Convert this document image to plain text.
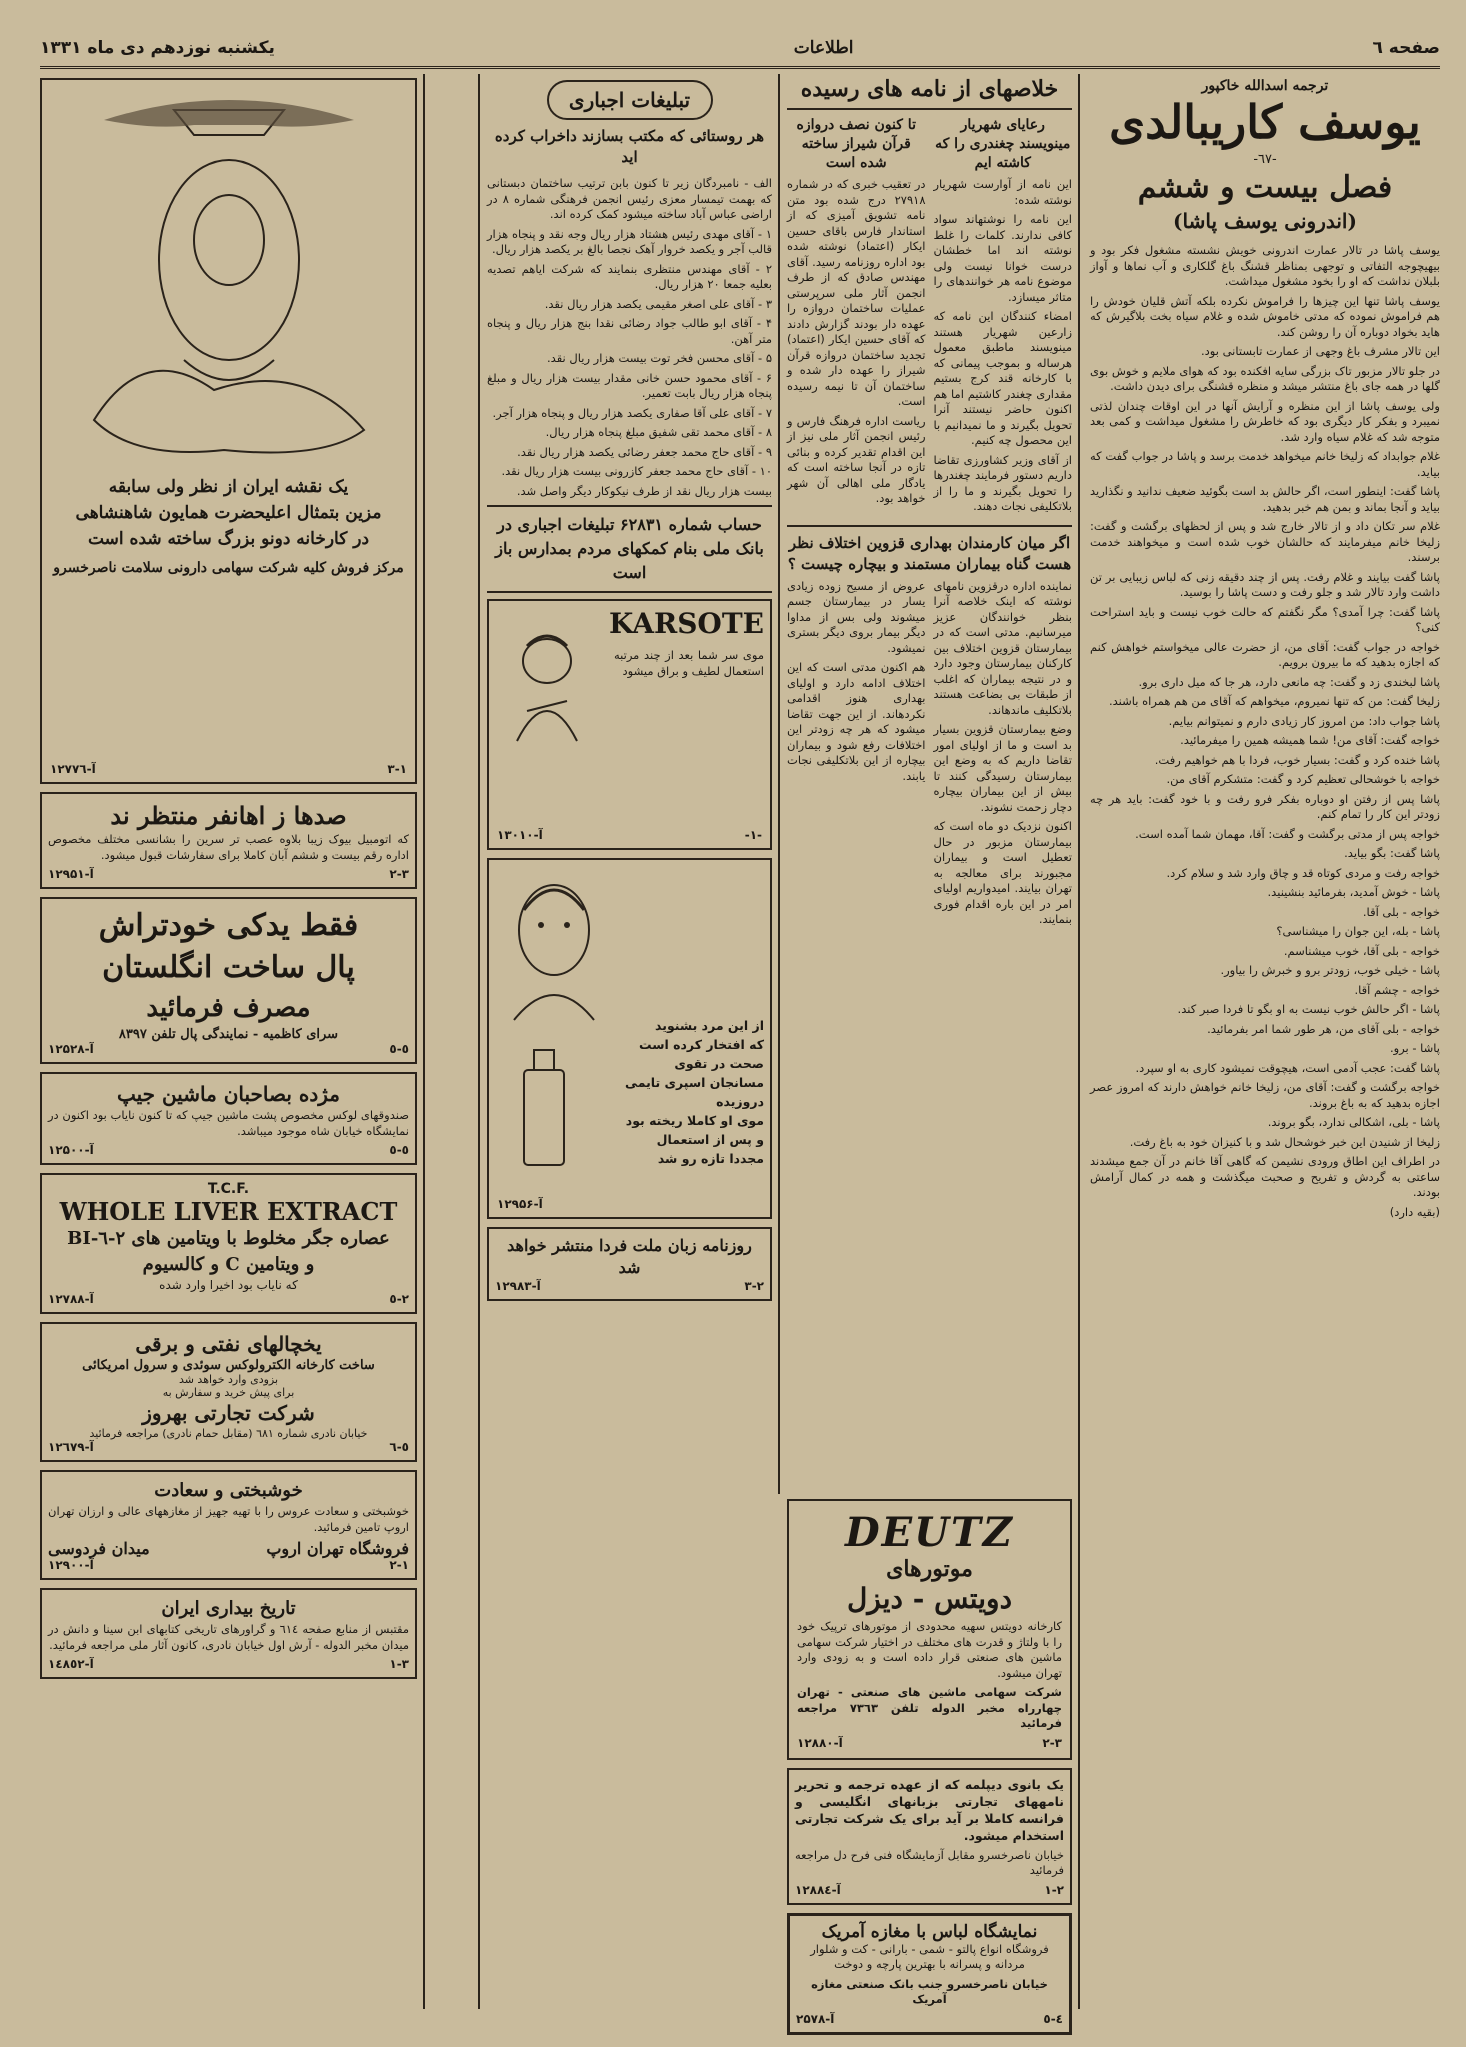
صفحه ٦
اطلاعات
یکشنبه نوزدهم دی ماه ۱۳۳۱
ترجمه اسدالله خاکپور
یوسف کاریبالدی
-٦٧-
فصل بیست و ششم
(اندرونی یوسف پاشا)

یوسف پاشا در تالار عمارت اندرونی خویش نشسته مشغول فکر بود و بیهیچوجه التفاتی و توجهی بمناظر قشنگ باغ گلکاری و آب نماها و آواز بلبلان نداشت که او را بخود مشغول میداشت.

یوسف پاشا تنها این چیزها را فراموش نکرده بلکه آتش قلیان خودش را هم فراموش نموده که مدتی خاموش شده و غلام سیاه بخت بلاگیرش که هاید بخواد دوباره آن را روشن کند.

این تالار مشرف باغ وجهی از عمارت تابستانی بود.

در جلو تالار مزبور تاک بزرگی سایه افکنده بود که هوای ملایم و خوش بوی گلها در همه جای باغ منتشر میشد و منظره قشنگی برای دیدن داشت.

ولی یوسف پاشا از این منظره و آرایش آنها در این اوقات چندان لذتی نمیبرد و بفکر کار دیگری بود که خاطرش را مشغول میداشت و کمی بعد متوجه شد که غلام سیاه وارد شد.

غلام جوابداد که زلیخا خانم میخواهد خدمت برسد و پاشا در جواب گفت که بیاید.

پاشا گفت: اینطور است، اگر حالش بد است بگوئید ضعیف ندانید و نگذارید بیاید و آنجا بماند و بمن هم خبر بدهید.

غلام سر تکان داد و از تالار خارج شد و پس از لحظهای برگشت و گفت: زلیخا خانم میفرمایند که حالشان خوب شده است و میخواهند خدمت برسند.

پاشا گفت بیایند و غلام رفت. پس از چند دقیقه زنی که لباس زیبایی بر تن داشت وارد تالار شد و جلو رفت و دست پاشا را بوسید.

پاشا گفت: چرا آمدی؟ مگر نگفتم که حالت خوب نیست و باید استراحت کنی؟

خواجه در جواب گفت: آقای من، از حضرت عالی میخواستم خواهش کنم که اجازه بدهید که ما بیرون برویم.

پاشا لبخندی زد و گفت: چه مانعی دارد، هر جا که میل داری برو.

زلیخا گفت: من که تنها نمیروم، میخواهم که آقای من هم همراه باشند.

پاشا جواب داد: من امروز کار زیادی دارم و نمیتوانم بیایم.

خواجه گفت: آقای من! شما همیشه همین را میفرمائید.

پاشا خنده کرد و گفت: بسیار خوب، فردا با هم خواهیم رفت.

خواجه با خوشحالی تعظیم کرد و گفت: متشکرم آقای من.

پاشا پس از رفتن او دوباره بفکر فرو رفت و با خود گفت: باید هر چه زودتر این کار را تمام کنم.

خواجه پس از مدتی برگشت و گفت: آقا، مهمان شما آمده است.

پاشا گفت: بگو بیاید.

خواجه رفت و مردی کوتاه قد و چاق وارد شد و سلام کرد.

پاشا - خوش آمدید، بفرمائید بنشینید.

خواجه - بلی آقا.

پاشا - بله، این جوان را میشناسی؟

خواجه - بلی آقا، خوب میشناسم.

پاشا - خیلی خوب، زودتر برو و خبرش را بیاور.

خواجه - چشم آقا.

پاشا - اگر حالش خوب نیست به او بگو تا فردا صبر کند.

خواجه - بلی آقای من، هر طور شما امر بفرمائید.

پاشا - برو.

پاشا گفت: عجب آدمی است، هیچوقت نمیشود کاری به او سپرد.

خواجه برگشت و گفت: آقای من، زلیخا خانم خواهش دارند که امروز عصر اجازه بدهید که به باغ بروند.

پاشا - بلی، اشکالی ندارد، بگو بروند.

زلیخا از شنیدن این خبر خوشحال شد و با کنیزان خود به باغ رفت.

در اطراف این اطاق ورودی نشیمن که گاهی آقا خانم در آن جمع میشدند ساعتی به گردش و تفریح و صحبت میگذشت و همه در کمال آرامش بودند.

(بقیه دارد)

خلاصهای از نامه های رسیده
رعایای شهریار مینویسند چغندری را که کاشته ایم

این نامه از آوارست شهریار نوشته شده:

این نامه را نوشتهاند سواد کافی ندارند. کلمات را غلط نوشته اند اما خطشان درست خوانا نیست ولی موضوع نامه هر خوانندهای را متاثر میسازد.

امضاء کنندگان این نامه که زارعین شهریار هستند مینویسند ماطبق معمول هرساله و بموجب پیمانی که با کارخانه قند کرج بستیم مقداری چغندر کاشتیم اما هم اکنون حاضر نیستند آنرا تحویل بگیرند و ما نمیدانیم با این محصول چه کنیم.

از آقای وزیر کشاورزی تقاضا داریم دستور فرمایند چغندرها را تحویل بگیرند و ما را از بلاتکلیفی نجات دهند.

تا کنون نصف دروازه قرآن شیراز ساخته شده است

در تعقیب خبری که در شماره ۲۷۹۱۸ درج شده بود متن نامه تشویق آمیزی که از استاندار فارس باقای حسین ایکار (اعتماد) نوشته شده بود اداره روزنامه رسید. آقای مهندس صادق که از طرف انجمن آثار ملی سرپرستی عملیات ساختمان دروازه را عهده دار بودند گزارش دادند که آقای حسین ایکار (اعتماد) تجدید ساختمان دروازه قرآن شیراز را عهده دار شده و ساختمان آن تا نیمه رسیده است.

ریاست اداره فرهنگ فارس و رئیس انجمن آثار ملی نیز از این اقدام تقدیر کرده و بنائی تازه در آنجا ساخته است که یادگار ملی اهالی آن شهر خواهد بود.

اگر میان کارمندان بهداری قزوین اختلاف نظر هست گناه بیماران مستمند و بیچاره چیست ؟

نماینده اداره درقزوین نامهای نوشته که اینک خلاصه آنرا بنظر خوانندگان عزیز میرسانیم. مدتی است که در بیمارستان قزوین اختلاف بین کارکنان بیمارستان وجود دارد و در نتیجه بیماران که اغلب از طبقات بی بضاعت هستند بلاتکلیف ماندهاند.

وضع بیمارستان قزوین بسیار بد است و ما از اولیای امور تقاضا داریم که به وضع این بیمارستان رسیدگی کنند تا بیش از این بیماران بیچاره دچار زحمت نشوند.

اکنون نزدیک دو ماه است که بیمارستان مزبور در حال تعطیل است و بیماران مجبورند برای معالجه به تهران بیایند. امیدواریم اولیای امر در این باره اقدام فوری بنمایند.

عروض از مسیح زوده زیادی یسار در بیمارستان جسم میشوند ولی بس از مداوا دیگر بیمار بروی دیگر بستری نمیشود.

هم اکنون مدتی است که این اختلاف ادامه دارد و اولیای بهداری هنوز اقدامی نکردهاند. از این جهت تقاضا میشود که هر چه زودتر این اختلافات رفع شود و بیماران بیچاره از این بلاتکلیفی نجات یابند.

DEUTZ
موتورهای
دویتس - دیزل

کارخانه دویتس سهیه محدودی از موتورهای ترپیک خود را با ولتاژ و قدرت های مختلف در اختیار شرکت سهامی ماشین های صنعتی قرار داده است و به زودی وارد تهران میشود.

شرکت سهامی ماشین های صنعتی - تهران چهارراه مخبر الدوله تلفن ۷۳٦۳ مراجعه فرمائید

آ-۱۲۸۸۰	٣-٢

یک بانوی دیپلمه که از عهده ترجمه و تحریر نامههای تجارتی بزبانهای انگلیسی و فرانسه کاملا بر آید برای یک شرکت تجارتی استخدام میشود.

خیابان ناصرخسرو مقابل آزمایشگاه فنی فرح دل مراجعه فرمائید

آ-۱۲۸٨٤	٢-١
نمایشگاه لباس با مغازه آمریک

فروشگاه انواع پالتو - شمی - بارانی - کت و شلوار مردانه و پسرانه با بهترین پارچه و دوخت

خیابان ناصرخسرو جنب بانک صنعتی مغازه آمریک

آ-۲۵٧٨	٤-٥
تبلیغات اجباری
هر روستائی که مکتب بسازند داخراب کرده اید

الف - نامبردگان زیر تا کنون بابن ترتیب ساختمان دبستانی که بهمت تیمسار معزی رئیس انجمن فرهنگی شماره ۸ در اراضی عباس آباد ساخته میشود کمک کرده اند.

۱ - آقای مهدی رئیس هشتاد هزار ریال وجه نقد و پنجاه هزار قالب آجر و یکصد خروار آهک نجصا بالغ بر یکصد هزار ریال.

۲ - آقای مهندس منتظری بنمایند که شرکت ایاهم تصدیه بعلیه جمعا ۲۰ هزار ریال.

۳ - آقای علی اصغر مقیمی یکصد هزار ریال نقد.

۴ - آقای ابو طالب جواد رضائی نقدا بنج هزار ریال و پنجاه متر آهن.

۵ - آقای محسن فخر توت بیست هزار ریال نقد.

۶ - آقای محمود حسن خانی مقدار بیست هزار ریال و مبلغ پنجاه هزار ریال بابت تعمیر.

۷ - آقای علی آقا صفاری یکصد هزار ریال و پنجاه هزار آجر.

۸ - آقای محمد تقی شفیق مبلغ پنجاه هزار ریال.

۹ - آقای حاج محمد جعفر رضائی یکصد هزار ریال نقد.

۱۰ - آقای حاج محمد جعفر کازرونی بیست هزار ریال نقد.

بیست هزار ریال نقد از طرف نیکوکار دیگر واصل شد.

حساب شماره ۶۲۸۳۱ تبلیغات اجباری در بانک ملی بنام کمکهای مردم بمدارس باز است
KARSOTE

موی سر شما بعد از چند مرتبه استعمال لطیف و براق میشود

آ-۱۳۰۱۰	-١-
از این مرد بشنوید
که افتخار کرده است
صحت در تقوی
مسانجان اسپری تایمی دروزیده
موی او کاملا ریخته بود
و پس از استعمال
مجددا تازه رو شد
آ-۱۲۹۵۶
روزنامه زبان ملت فردا منتشر خواهد شد
آ-۱۲۹۸۳	٢-٣
یک نقشه ایران از نظر ولی سابقه
مزین بتمثال اعلیحضرت همایون شاهنشاهی
در کارخانه دونو بزرگ ساخته شده است
مرکز فروش کلیه شرکت سهامی دارونی سلامت ناصرخسرو
آ-۱۲۷۷٦	١-٣
صدها ز اهانفر منتظر ند

که اتومبیل بیوک زیبا بلاوه عصب تر سرین را بشانسی مختلف مخصوص اداره رقم بیست و ششم آبان کاملا برای سفارشات قبول میشود.

آ-۱۲۹۵۱	٣-٢
فقط یدکی خودتراش
پال ساخت انگلستان
مصرف فرمائید
سرای کاظمیه - نمایندگی پال تلفن ۸۳۹۷
آ-۱۲۵۲۸	٥-٥
مژده بصاحبان ماشین جیپ

صندوقهای لوکس مخصوص پشت ماشین جیپ که تا کنون نایاب بود اکنون در نمایشگاه خیابان شاه موجود میباشد.

آ-۱۲۵۰۰	٥-٥
T.C.F.
WHOLE LIVER EXTRACT
عصاره جگر مخلوط با ویتامین های ۲-٦-BI
و ویتامین C و کالسیوم
که نایاب بود اخیرا وارد شده
آ-۱۲۷۸۸	٢-٥
یخچالهای نفتی و برقی
ساخت کارخانه الکترولوکس سوئدی و سرول امریکائی
بزودی وارد خواهد شد
برای پیش خرید و سفارش به
شرکت تجارتی بهروز
خیابان نادری شماره ٦٨۱ (مقابل حمام نادری) مراجعه فرمائید
آ-۱۲٦۷۹	٥-٦
خوشبختی و سعادت

خوشبختی و سعادت عروس را با تهیه جهیز از مغازههای عالی و ارزان تهران اروپ تامین فرمائید.

فروشگاه تهران اروپ
میدان فردوسی
آ-۱۲۹۰۰	١-٢
تاریخ بیداری ایران

مقتبس از منابع صفحه ٦۱٤ و گراورهای تاریخی کتابهای ابن سینا و دانش در میدان مخبر الدوله - آرش اول خیابان نادری، کانون آثار ملی مراجعه فرمائید.

آ-۱٤٨٥٢	٣-١
